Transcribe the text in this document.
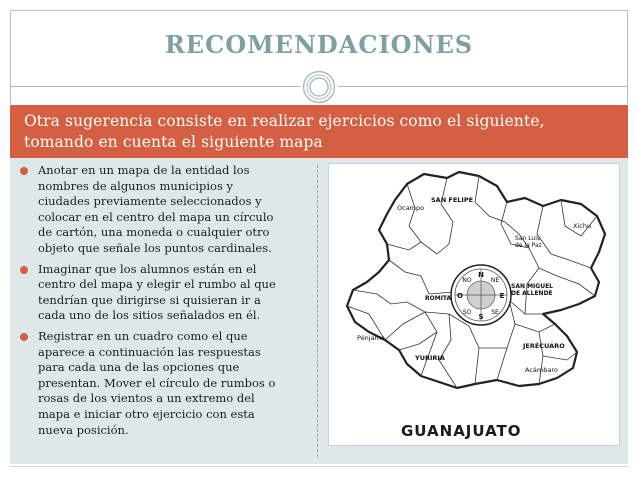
RECOMENDACIONES
Otra sugerencia consiste en realizar ejercicios como el siguiente,
tomando en cuenta el siguiente mapa
Anotar en un mapa de la entidad los
nombres de algunos municipios y
ciudades previamente seleccionados y
colocar en el centro del mapa un círculo
de cartón, una moneda o cualquier otro
objeto que señale los puntos cardinales.
Imaginar que los alumnos están en el
centro del mapa y elegir el rumbo al que
tendrían que dirigirse si quisieran ir a
cada uno de los sitios señalados en él.
Registrar en un cuadro como el que
aparece a continuación las respuestas
para cada una de las opciones que
presentan. Mover el círculo de rumbos o
rosas de los vientos a un extremo del
mapa e iniciar otro ejercicio con esta
nueva posición.
N
S
E
O
NE
NO
SE
SO
Ocampo
SAN FELIPE
San Luis
de la Paz
Xichu
SAN MIGUEL
DE ALLENDE
ROMITA
Pénjamo
YURIRIA
JERÉCUARO
Acámbaro
GUANAJUATO
